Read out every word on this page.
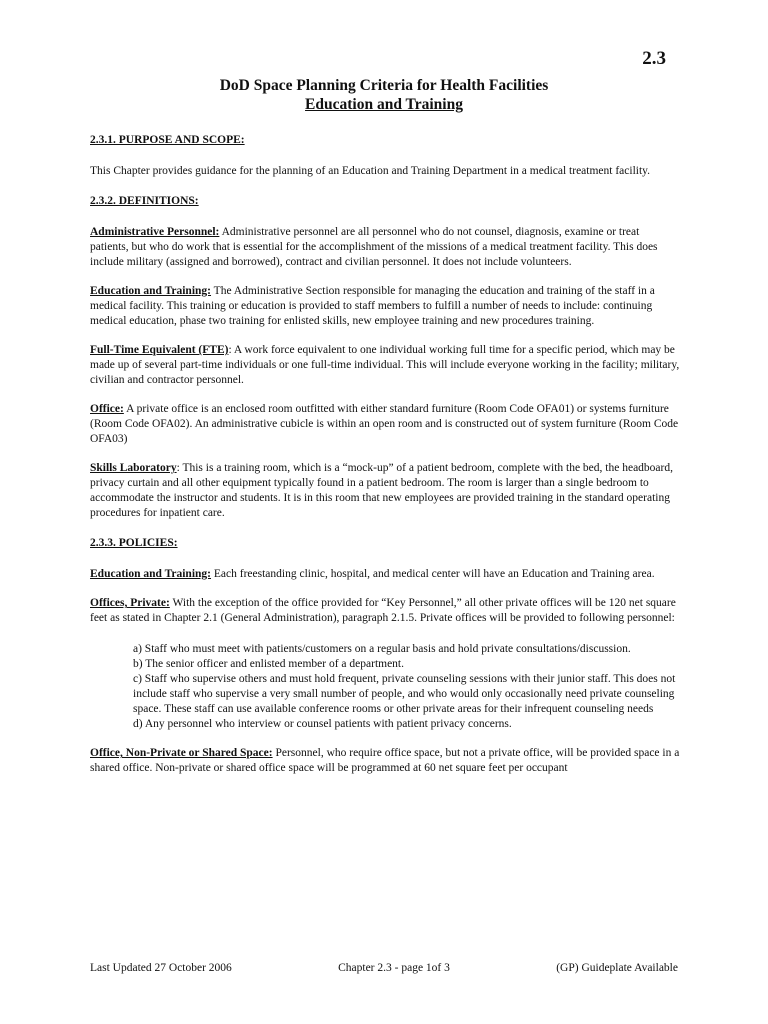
2.3
DoD Space Planning Criteria for Health Facilities
Education and Training
2.3.1. PURPOSE AND SCOPE:

This Chapter provides guidance for the planning of an Education and Training Department in a medical treatment facility.

2.3.2. DEFINITIONS:

Administrative Personnel: Administrative personnel are all personnel who do not counsel, diagnosis, examine or treat patients, but who do work that is essential for the accomplishment of the missions of a medical treatment facility. This does include military (assigned and borrowed), contract and civilian personnel. It does not include volunteers.

Education and Training: The Administrative Section responsible for managing the education and training of the staff in a medical facility. This training or education is provided to staff members to fulfill a number of needs to include: continuing medical education, phase two training for enlisted skills, new employee training and new procedures training.

Full-Time Equivalent (FTE): A work force equivalent to one individual working full time for a specific period, which may be made up of several part-time individuals or one full-time individual. This will include everyone working in the facility; military, civilian and contractor personnel.

Office: A private office is an enclosed room outfitted with either standard furniture (Room Code OFA01) or systems furniture (Room Code OFA02). An administrative cubicle is within an open room and is constructed out of system furniture (Room Code OFA03)

Skills Laboratory: This is a training room, which is a “mock-up” of a patient bedroom, complete with the bed, the headboard, privacy curtain and all other equipment typically found in a patient bedroom. The room is larger than a single bedroom to accommodate the instructor and students. It is in this room that new employees are provided training in the standard operating procedures for inpatient care.

2.3.3. POLICIES:

Education and Training: Each freestanding clinic, hospital, and medical center will have an Education and Training area.

Offices, Private: With the exception of the office provided for “Key Personnel,” all other private offices will be 120 net square feet as stated in Chapter 2.1 (General Administration), paragraph 2.1.5. Private offices will be provided to following personnel:

a) Staff who must meet with patients/customers on a regular basis and hold private consultations/discussion.
b) The senior officer and enlisted member of a department.
c) Staff who supervise others and must hold frequent, private counseling sessions with their junior staff. This does not include staff who supervise a very small number of people, and who would only occasionally need private counseling space. These staff can use available conference rooms or other private areas for their infrequent counseling needs
d) Any personnel who interview or counsel patients with patient privacy concerns.

Office, Non-Private or Shared Space: Personnel, who require office space, but not a private office, will be provided space in a shared office. Non-private or shared office space will be programmed at 60 net square feet per occupant

Last Updated 27 October 2006	Chapter 2.3 - page 1of 3	(GP) Guideplate Available
